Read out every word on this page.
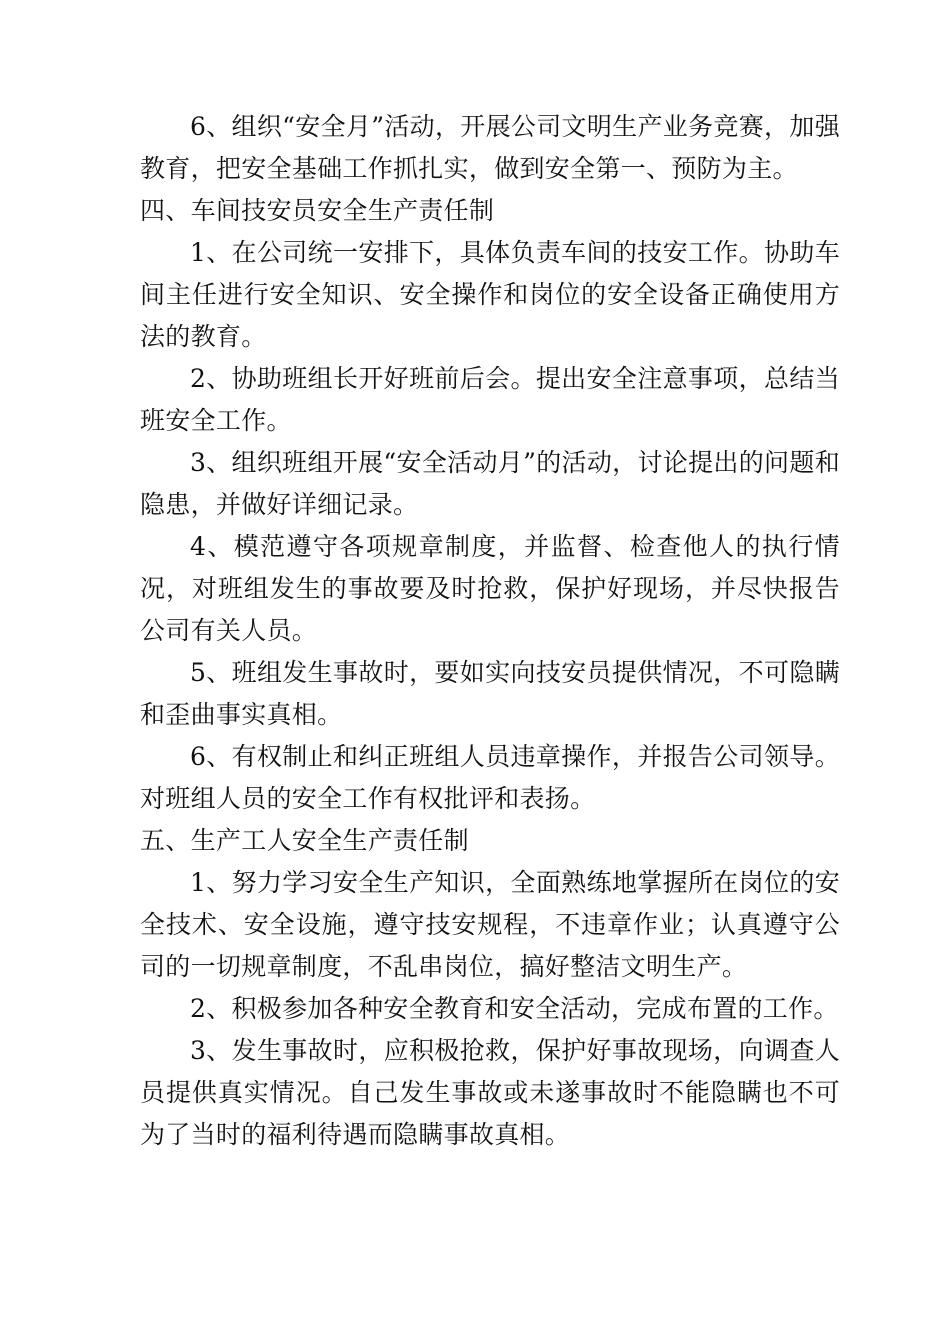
6、组织“安全月”活动，开展公司文明生产业务竞赛，加强教育，把安全基础工作抓扎实，做到安全第一、预防为主。

四、车间技安员安全生产责任制

1、在公司统一安排下，具体负责车间的技安工作。协助车间主任进行安全知识、安全操作和岗位的安全设备正确使用方法的教育。

2、协助班组长开好班前后会。提出安全注意事项，总结当班安全工作。

3、组织班组开展“安全活动月”的活动，讨论提出的问题和隐患，并做好详细记录。

4、模范遵守各项规章制度，并监督、检查他人的执行情况，对班组发生的事故要及时抢救，保护好现场，并尽快报告公司有关人员。

5、班组发生事故时，要如实向技安员提供情况，不可隐瞒和歪曲事实真相。

6、有权制止和纠正班组人员违章操作，并报告公司领导。对班组人员的安全工作有权批评和表扬。

五、生产工人安全生产责任制

1、努力学习安全生产知识，全面熟练地掌握所在岗位的安全技术、安全设施，遵守技安规程，不违章作业；认真遵守公司的一切规章制度，不乱串岗位，搞好整洁文明生产。

2、积极参加各种安全教育和安全活动，完成布置的工作。

3、发生事故时，应积极抢救，保护好事故现场，向调查人员提供真实情况。自己发生事故或未遂事故时不能隐瞒也不可为了当时的福利待遇而隐瞒事故真相。
